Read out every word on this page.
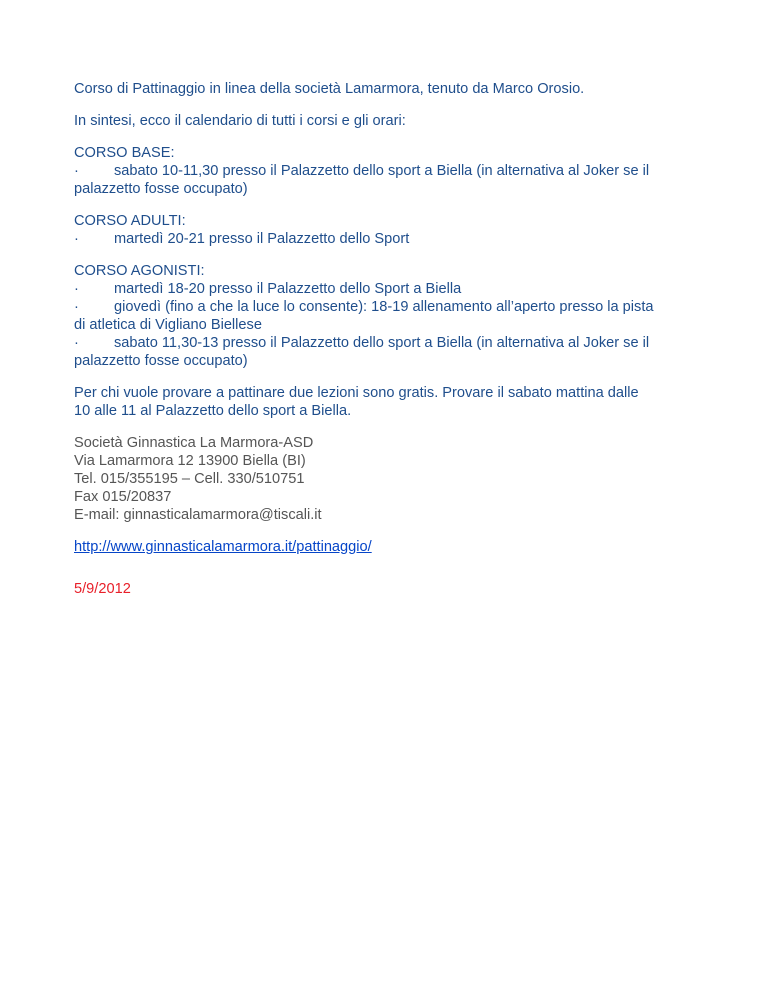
Corso di Pattinaggio in linea della società Lamarmora, tenuto da Marco Orosio.

In sintesi, ecco il calendario di tutti i corsi e gli orari:

CORSO BASE:
· sabato 10-11,30 presso il Palazzetto dello sport a Biella (in alternativa al Joker se il
palazzetto fosse occupato)
CORSO ADULTI:
· martedì 20-21 presso il Palazzetto dello Sport
CORSO AGONISTI:
· martedì 18-20 presso il Palazzetto dello Sport a Biella
· giovedì (fino a che la luce lo consente): 18-19 allenamento all’aperto presso la pista
di atletica di Vigliano Biellese
· sabato 11,30-13 presso il Palazzetto dello sport a Biella (in alternativa al Joker se il
palazzetto fosse occupato)
Per chi vuole provare a pattinare due lezioni sono gratis. Provare il sabato mattina dalle
10 alle 11 al Palazzetto dello sport a Biella.
Società Ginnastica La Marmora-ASD
Via Lamarmora 12 13900 Biella (BI)
Tel. 015/355195 – Cell. 330/510751
Fax 015/20837
E-mail: ginnasticalamarmora@tiscali.it

http://www.ginnasticalamarmora.it/pattinaggio/

5/9/2012
